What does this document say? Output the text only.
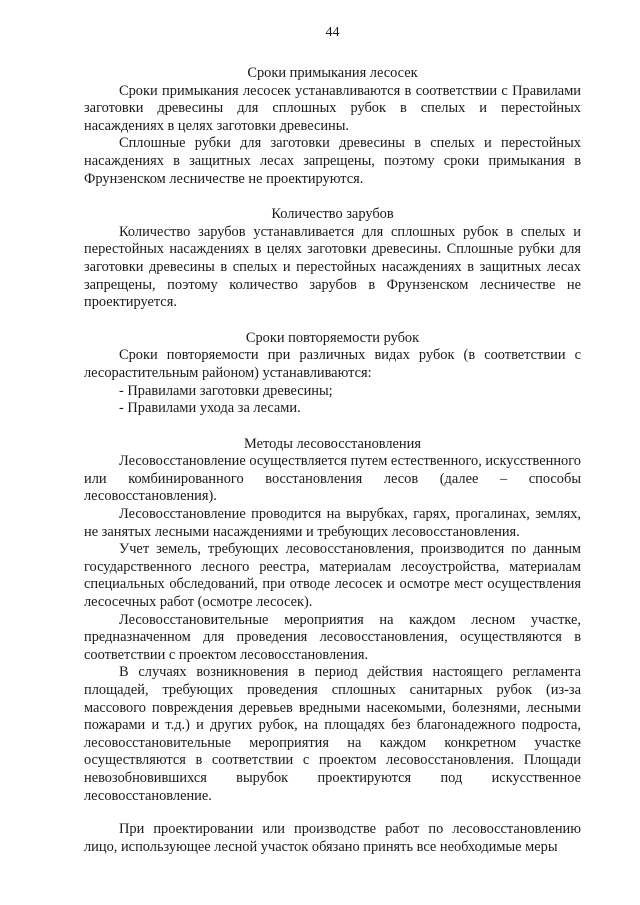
44
Сроки примыкания лесосек

Сроки примыкания лесосек устанавливаются в соответствии с Правилами заготовки древесины для сплошных рубок в спелых и перестойных насаждениях в целях заготовки древесины.

Сплошные рубки для заготовки древесины в спелых и перестойных насаждениях в защитных лесах запрещены, поэтому сроки примыкания в Фрунзенском лесничестве не проектируются.

Количество зарубов

Количество зарубов устанавливается для сплошных рубок в спелых и перестойных насаждениях в целях заготовки древесины. Сплошные рубки для заготовки древесины в спелых и перестойных насаждениях в защитных лесах запрещены, поэтому количество зарубов в Фрунзенском лесничестве не проектируется.

Сроки повторяемости рубок

Сроки повторяемости при различных видах рубок (в соответствии с лесорастительным районом) устанавливаются:

- Правилами заготовки древесины;
- Правилами ухода за лесами.
Методы лесовосстановления

Лесовосстановление осуществляется путем естественного, искусственного или комбинированного восстановления лесов (далее – способы лесовосстановления).

Лесовосстановление проводится на вырубках, гарях, прогалинах, землях, не занятых лесными насаждениями и требующих лесовосстановления.

Учет земель, требующих лесовосстановления, производится по данным государственного лесного реестра, материалам лесоустройства, материалам специальных обследований, при отводе лесосек и осмотре мест осуществления лесосечных работ (осмотре лесосек).

Лесовосстановительные мероприятия на каждом лесном участке, предназначенном для проведения лесовосстановления, осуществляются в соответствии с проектом лесовосстановления.

В случаях возникновения в период действия настоящего регламента площадей, требующих проведения сплошных санитарных рубок (из-за массового повреждения деревьев вредными насекомыми, болезнями, лесными пожарами и т.д.) и других рубок, на площадях без благонадежного подроста, лесовосстановительные мероприятия на каждом конкретном участке осуществляются в соответствии с проектом лесовосстановления. Площади невозобновившихся вырубок проектируются под искусственное лесовосстановление.

При проектировании или производстве работ по лесовосстановлению лицо, использующее лесной участок обязано принять все необходимые меры
